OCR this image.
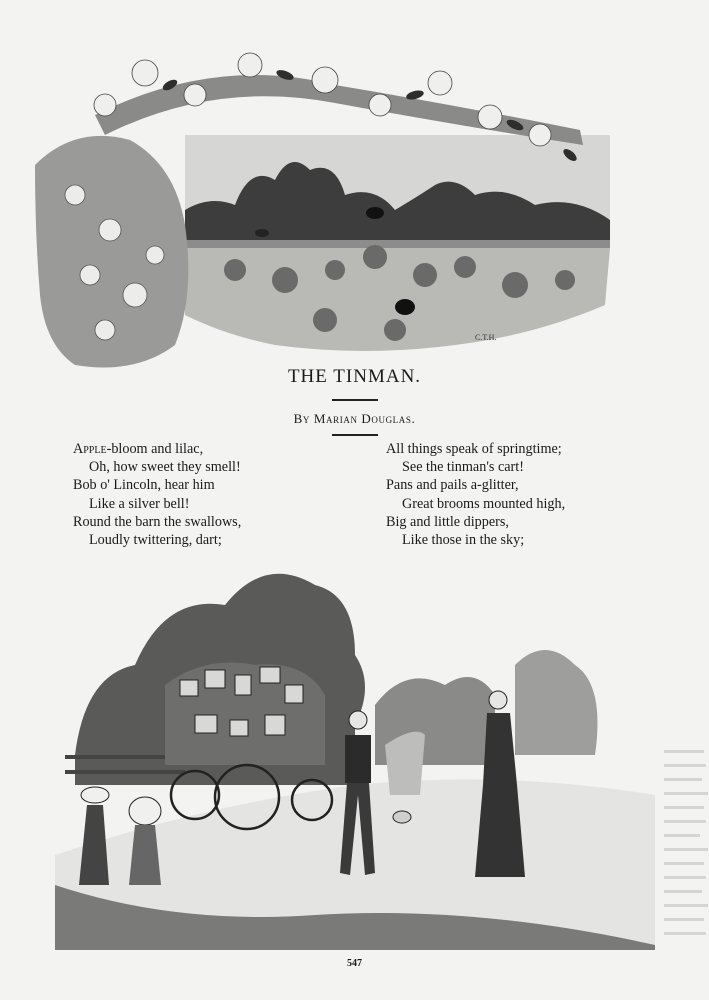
C.T.H.
THE TINMAN.
By Marian Douglas.
Apple-bloom and lilac,
Oh, how sweet they smell!
Bob o' Lincoln, hear him
Like a silver bell!
Round the barn the swallows,
Loudly twittering, dart;
All things speak of springtime;
See the tinman's cart!
Pans and pails a-glitter,
Great brooms mounted high,
Big and little dippers,
Like those in the sky;
547
